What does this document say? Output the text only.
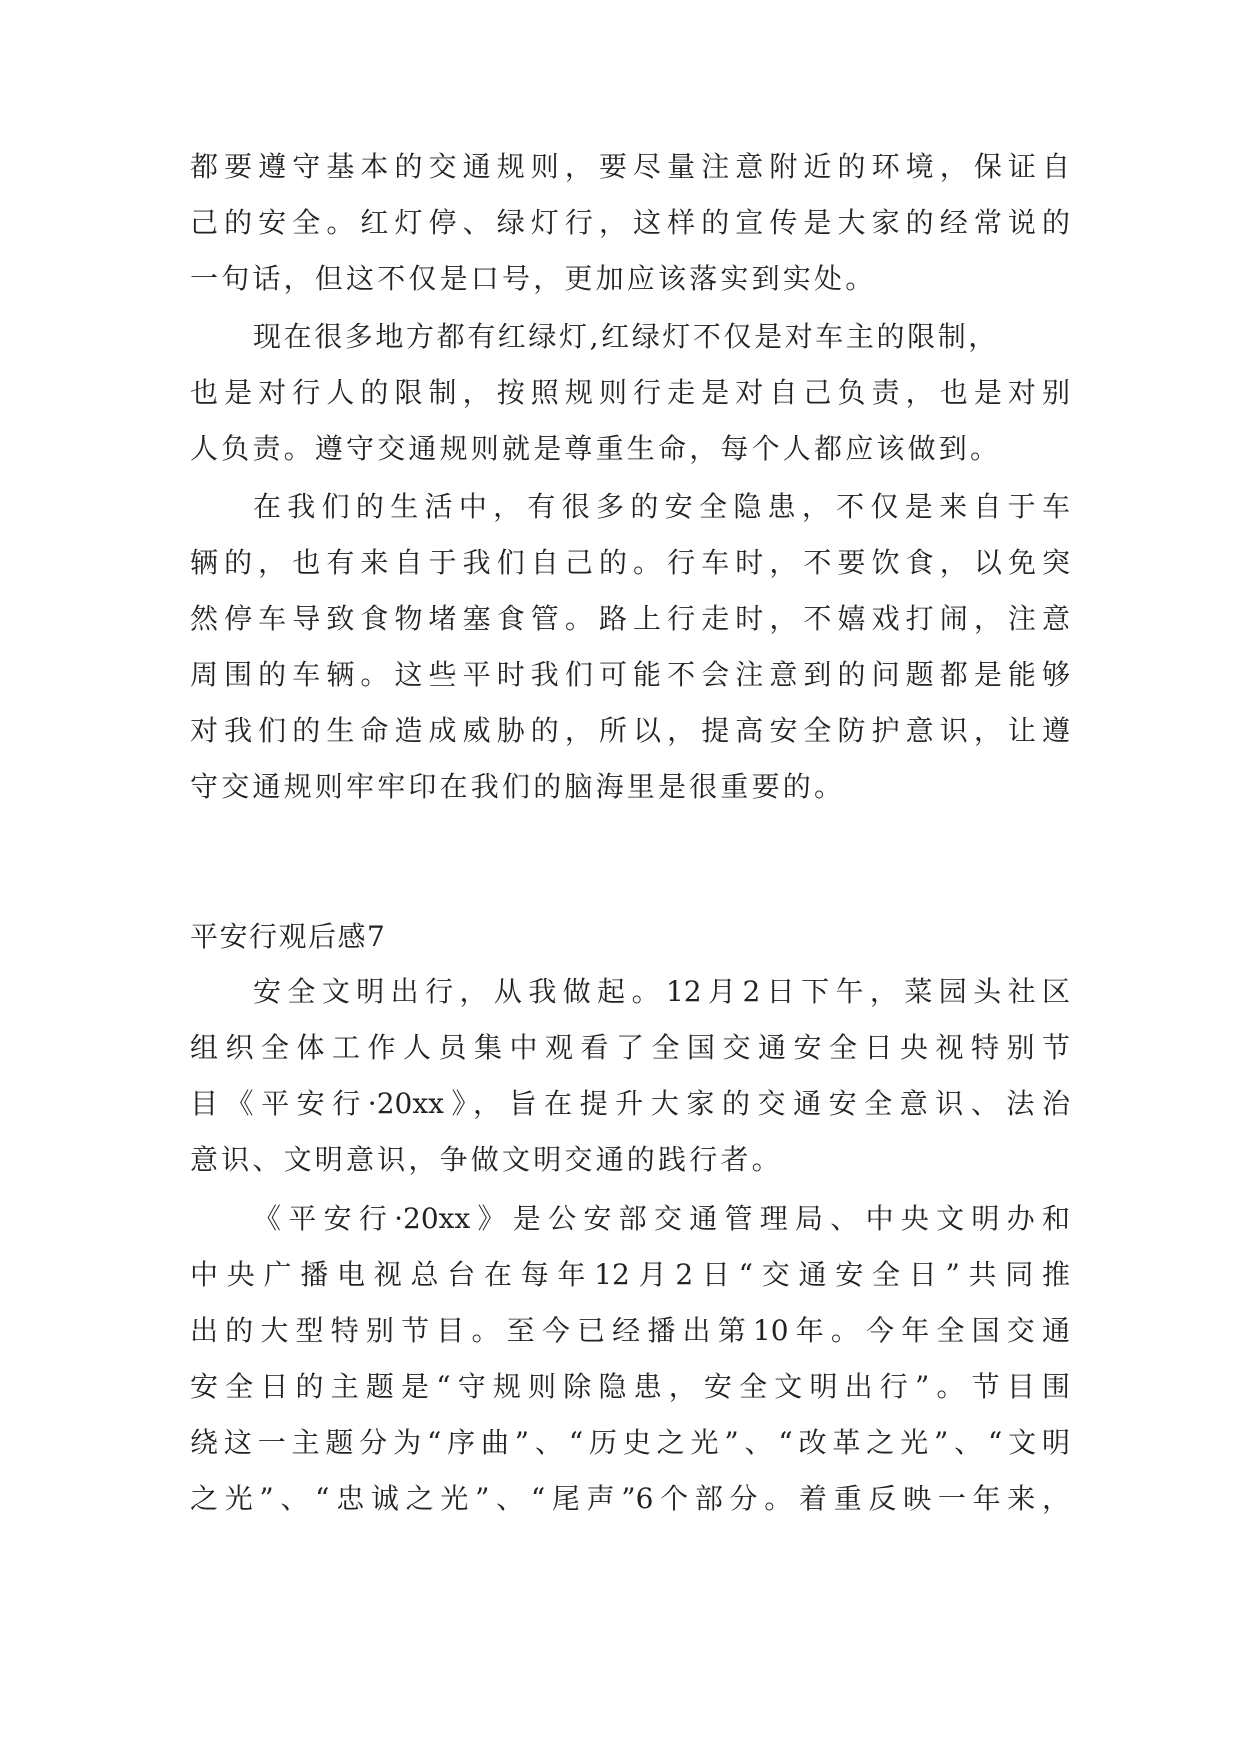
都要遵守基本的交通规则，要尽量注意附近的环境，保证自

己的安全。红灯停、绿灯行，这样的宣传是大家的经常说的

一句话，但这不仅是口号，更加应该落实到实处。

现在很多地方都有红绿灯,红绿灯不仅是对车主的限制，

也是对行人的限制，按照规则行走是对自己负责，也是对别

人负责。遵守交通规则就是尊重生命，每个人都应该做到。

在我们的生活中，有很多的安全隐患，不仅是来自于车

辆的，也有来自于我们自己的。行车时，不要饮食，以免突

然停车导致食物堵塞食管。路上行走时，不嬉戏打闹，注意

周围的车辆。这些平时我们可能不会注意到的问题都是能够

对我们的生命造成威胁的，所以，提高安全防护意识，让遵

守交通规则牢牢印在我们的脑海里是很重要的。

平安行观后感7

安全文明出行，从我做起。12月2日下午，菜园头社区

组织全体工作人员集中观看了全国交通安全日央视特别节

目《平安行·20xx》，旨在提升大家的交通安全意识、法治

意识、文明意识，争做文明交通的践行者。

《平安行·20xx》是公安部交通管理局、中央文明办和

中央广播电视总台在每年12月2日“交通安全日”共同推

出的大型特别节目。至今已经播出第10年。今年全国交通

安全日的主题是“守规则除隐患，安全文明出行”。节目围

绕这一主题分为“序曲”、“历史之光”、“改革之光”、“文明

之光”、“忠诚之光”、“尾声”6个部分。着重反映一年来，
